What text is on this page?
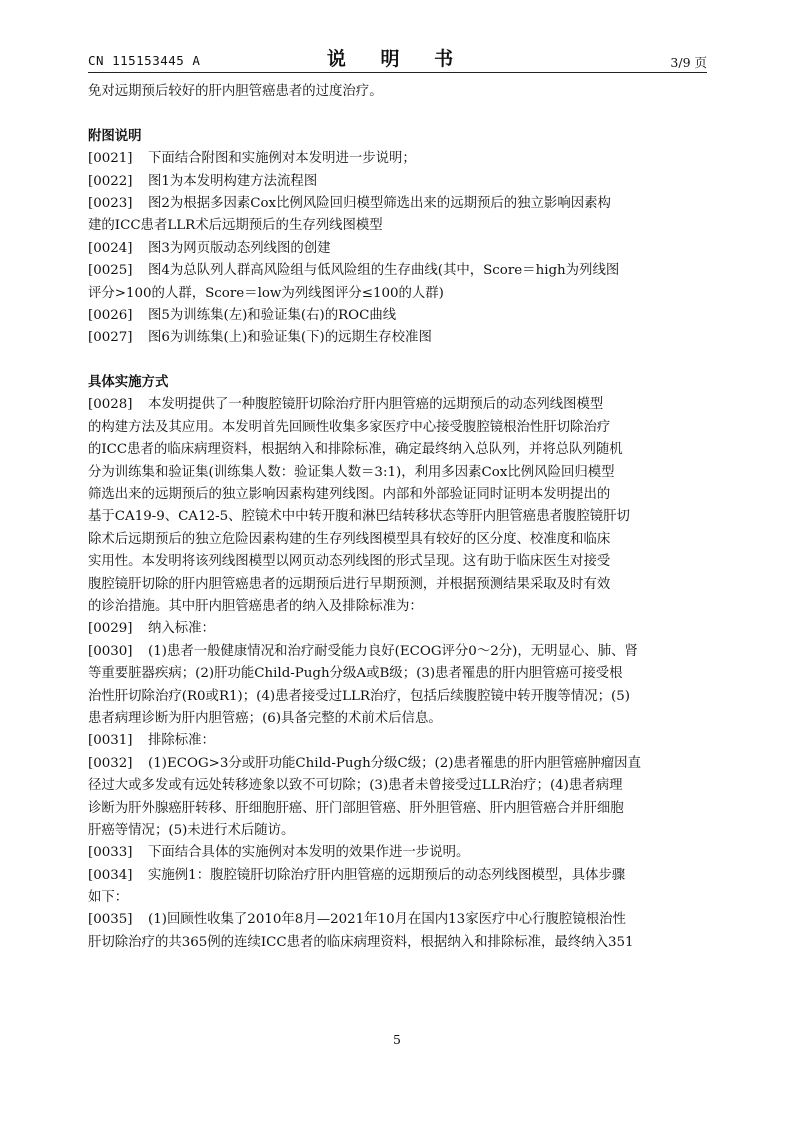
CN 115153445 A	说 明 书	3/9 页
免对远期预后较好的肝内胆管癌患者的过度治疗。
附图说明
[0021]	下面结合附图和实施例对本发明进一步说明；
[0022]	图1为本发明构建方法流程图
[0023]	图2为根据多因素Cox比例风险回归模型筛选出来的远期预后的独立影响因素构
建的ICC患者LLR术后远期预后的生存列线图模型
[0024]	图3为网页版动态列线图的创建
[0025]	图4为总队列人群高风险组与低风险组的生存曲线(其中，Score＝high为列线图
评分>100的人群，Score＝low为列线图评分≤100的人群)
[0026]	图5为训练集(左)和验证集(右)的ROC曲线
[0027]	图6为训练集(上)和验证集(下)的远期生存校准图
具体实施方式
[0028]	本发明提供了一种腹腔镜肝切除治疗肝内胆管癌的远期预后的动态列线图模型
的构建方法及其应用。本发明首先回顾性收集多家医疗中心接受腹腔镜根治性肝切除治疗
的ICC患者的临床病理资料，根据纳入和排除标准，确定最终纳入总队列，并将总队列随机
分为训练集和验证集(训练集人数：验证集人数＝3:1)，利用多因素Cox比例风险回归模型
筛选出来的远期预后的独立影响因素构建列线图。内部和外部验证同时证明本发明提出的
基于CA19-9、CA12-5、腔镜术中中转开腹和淋巴结转移状态等肝内胆管癌患者腹腔镜肝切
除术后远期预后的独立危险因素构建的生存列线图模型具有较好的区分度、校准度和临床
实用性。本发明将该列线图模型以网页动态列线图的形式呈现。这有助于临床医生对接受
腹腔镜肝切除的肝内胆管癌患者的远期预后进行早期预测，并根据预测结果采取及时有效
的诊治措施。其中肝内胆管癌患者的纳入及排除标准为：
[0029]	纳入标准：
[0030]	(1)患者一般健康情况和治疗耐受能力良好(ECOG评分0～2分)，无明显心、肺、肾
等重要脏器疾病；(2)肝功能Child-Pugh分级A或B级；(3)患者罹患的肝内胆管癌可接受根
治性肝切除治疗(R0或R1)；(4)患者接受过LLR治疗，包括后续腹腔镜中转开腹等情况；(5)
患者病理诊断为肝内胆管癌；(6)具备完整的术前术后信息。
[0031]	排除标准：
[0032]	(1)ECOG>3分或肝功能Child-Pugh分级C级；(2)患者罹患的肝内胆管癌肿瘤因直
径过大或多发或有远处转移迹象以致不可切除；(3)患者未曾接受过LLR治疗；(4)患者病理
诊断为肝外腺癌肝转移、肝细胞肝癌、肝门部胆管癌、肝外胆管癌、肝内胆管癌合并肝细胞
肝癌等情况；(5)未进行术后随访。
[0033]	下面结合具体的实施例对本发明的效果作进一步说明。
[0034]	实施例1：腹腔镜肝切除治疗肝内胆管癌的远期预后的动态列线图模型，具体步骤
如下：
[0035]	(1)回顾性收集了2010年8月—2021年10月在国内13家医疗中心行腹腔镜根治性
肝切除治疗的共365例的连续ICC患者的临床病理资料，根据纳入和排除标准，最终纳入351
5
